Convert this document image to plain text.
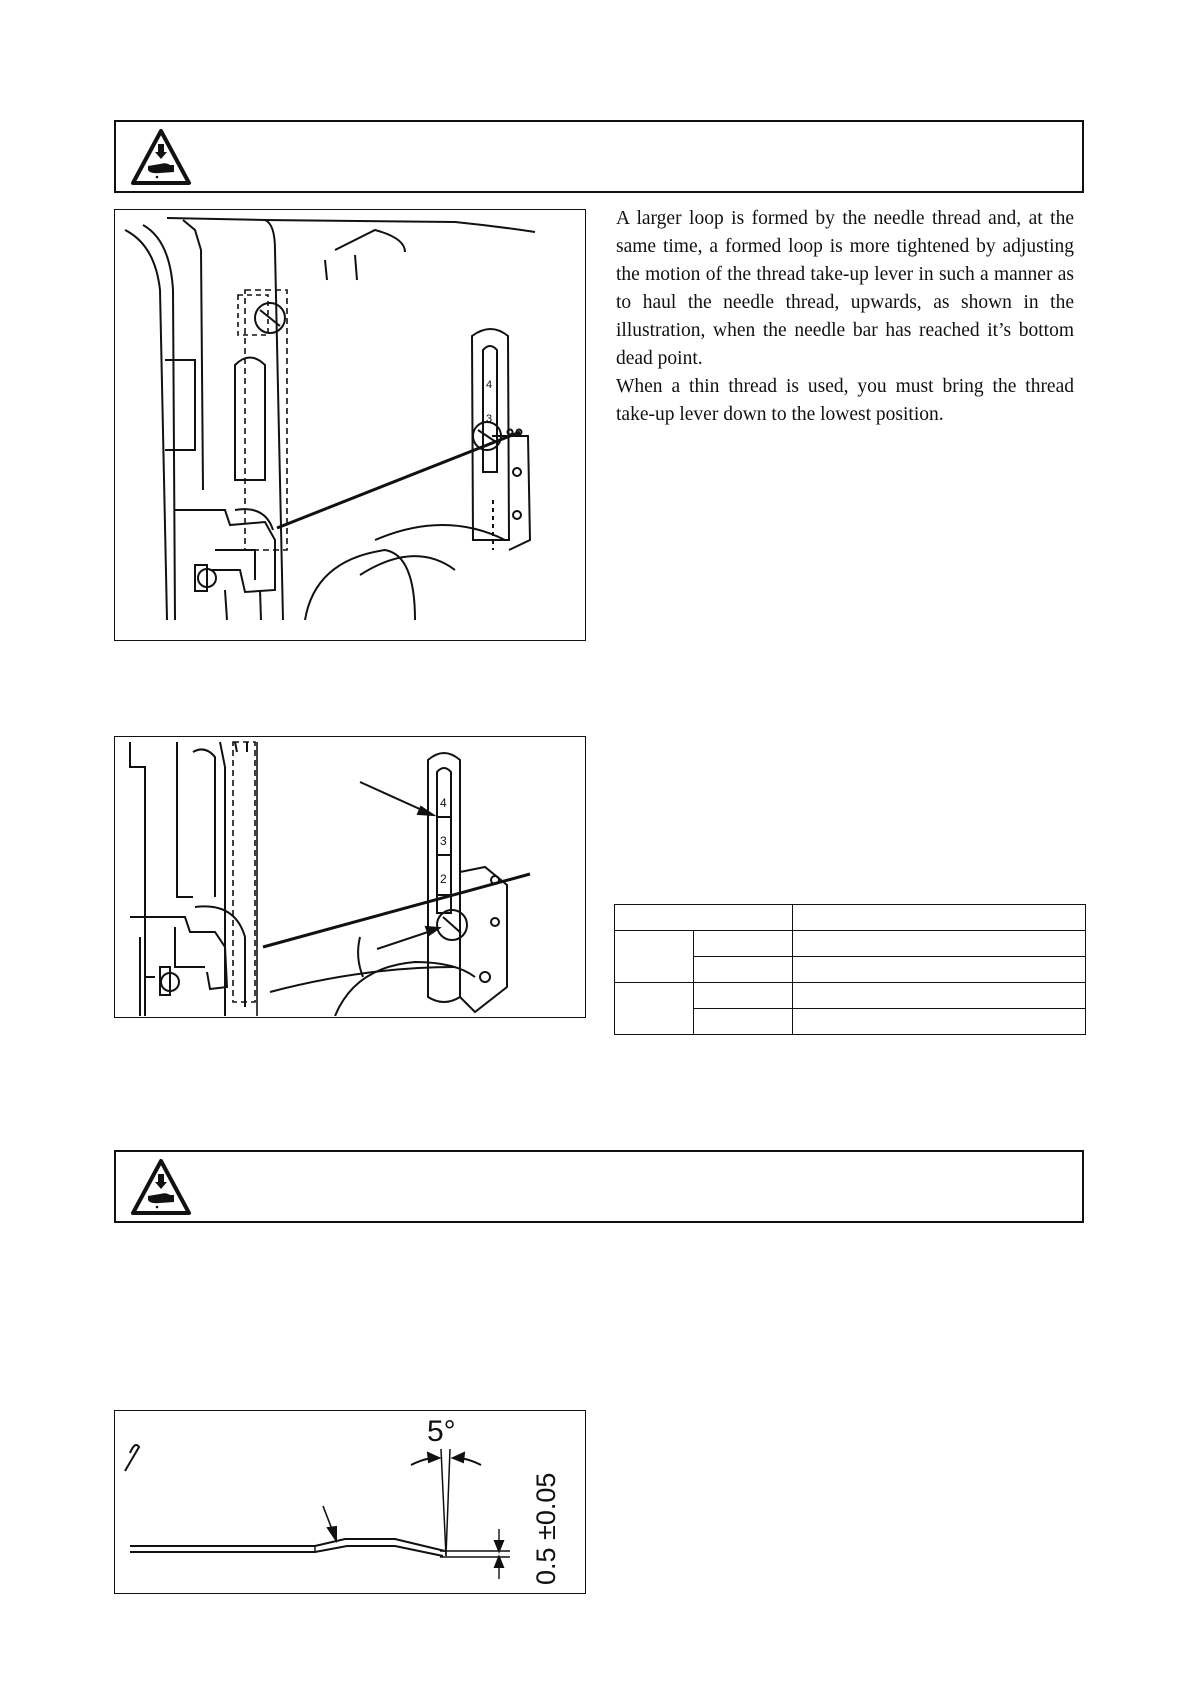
4
3

A larger loop is formed by the needle thread and, at the same time, a formed loop is more tightened by adjusting the motion of the thread take-up lever in such a manner as to haul the needle thread, upwards, as shown in the illustration, when the needle bar has reached it’s bottom dead point.

When a thin thread is used, you must bring the thread take-up lever down to the lowest position.

4
3
2

5°
0.5 ±0.05
